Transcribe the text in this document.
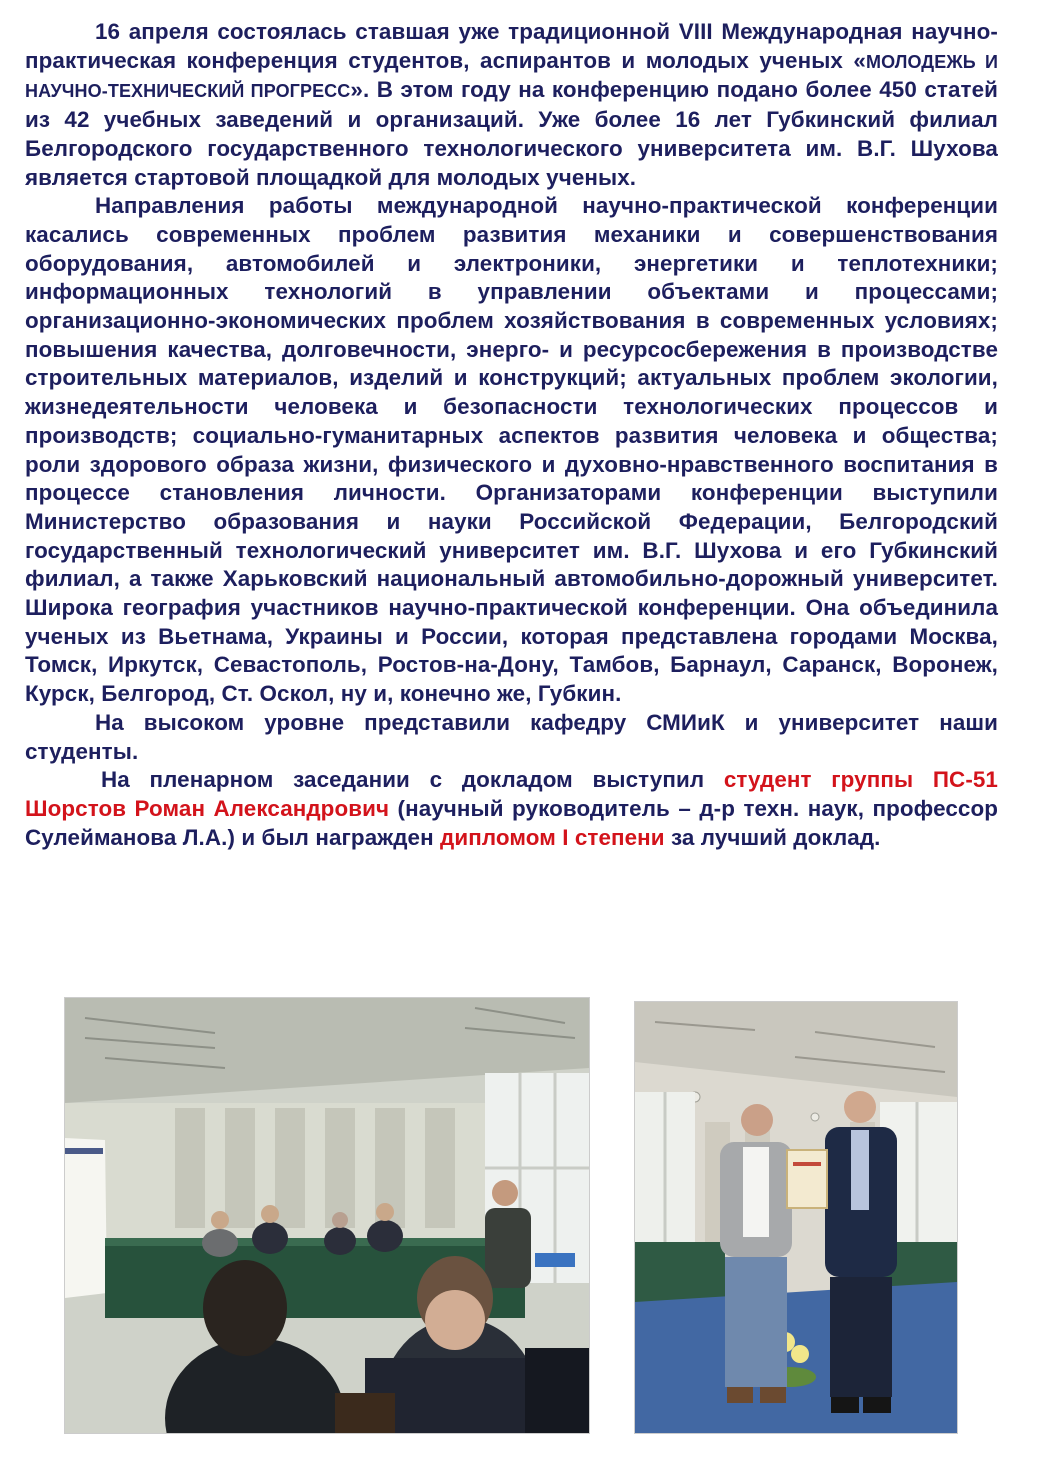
16 апреля состоялась ставшая уже традиционной VIII Международная научно-практическая конференция студентов, аспирантов и молодых ученых «МОЛОДЕЖЬ И НАУЧНО-ТЕХНИЧЕСКИЙ ПРОГРЕСС». В этом году на конференцию подано более 450 статей из 42 учебных заведений и организаций. Уже более 16 лет Губкинский филиал Белгородского государственного технологического университета им. В.Г. Шухова является стартовой площадкой для молодых ученых.

Направления работы международной научно-практической конференции касались современных проблем развития механики и совершенствования оборудования, автомобилей и электроники, энергетики и теплотехники; информационных технологий в управлении объектами и процессами; организационно-экономических проблем хозяйствования в современных условиях; повышения качества, долговечности, энерго- и ресурсосбережения в производстве строительных материалов, изделий и конструкций; актуальных проблем экологии, жизнедеятельности человека и безопасности технологических процессов и производств; социально-гуманитарных аспектов развития человека и общества; роли здорового образа жизни, физического и духовно-нравственного воспитания в процессе становления личности. Организаторами конференции выступили Министерство образования и науки Российской Федерации, Белгородский государственный технологический университет им. В.Г. Шухова и его Губкинский филиал, а также Харьковский национальный автомобильно-дорожный университет. Широка география участников научно-практической конференции. Она объединила ученых из Вьетнама, Украины и России, которая представлена городами Москва, Томск, Иркутск, Севастополь, Ростов-на-Дону, Тамбов, Барнаул, Саранск, Воронеж, Курск, Белгород, Ст. Оскол, ну и, конечно же, Губкин.

На высоком уровне представили кафедру СМИиК и университет наши студенты.

На пленарном заседании с докладом выступил студент группы ПС-51 Шорстов Роман Александрович (научный руководитель – д-р техн. наук, профессор Сулейманова Л.А.) и был награжден дипломом I степени за лучший доклад.
